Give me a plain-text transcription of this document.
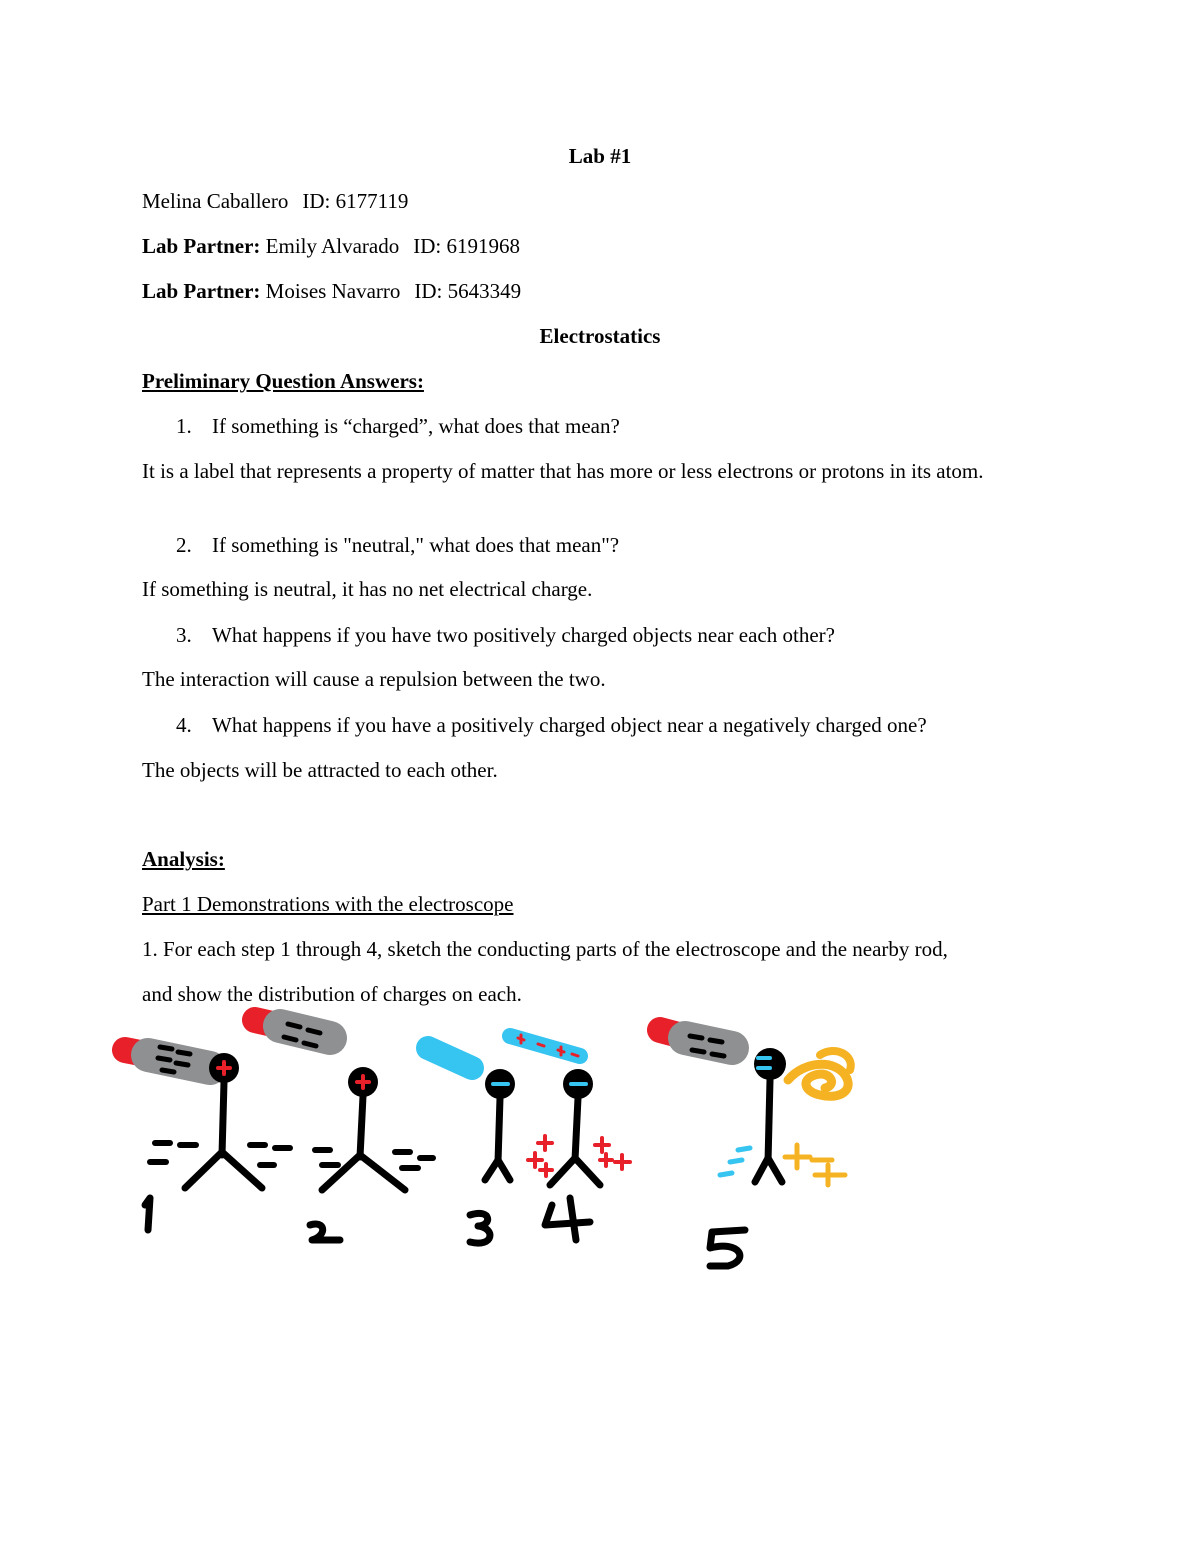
Lab #1
Melina Caballero ID: 6177119
Lab Partner: Emily Alvarado ID: 6191968
Lab Partner: Moises Navarro ID: 5643349
Electrostatics
Preliminary Question Answers:
1. If something is “charged”, what does that mean?
It is a label that represents a property of matter that has more or less electrons or protons in its atom.
2. If something is "neutral," what does that mean"?
If something is neutral, it has no net electrical charge.
3. What happens if you have two positively charged objects near each other?
The interaction will cause a repulsion between the two.
4. What happens if you have a positively charged object near a negatively charged one?
The objects will be attracted to each other.
Analysis:
Part 1 Demonstrations with the electroscope
1. For each step 1 through 4, sketch the conducting parts of the electroscope and the nearby rod,
and show the distribution of charges on each.
